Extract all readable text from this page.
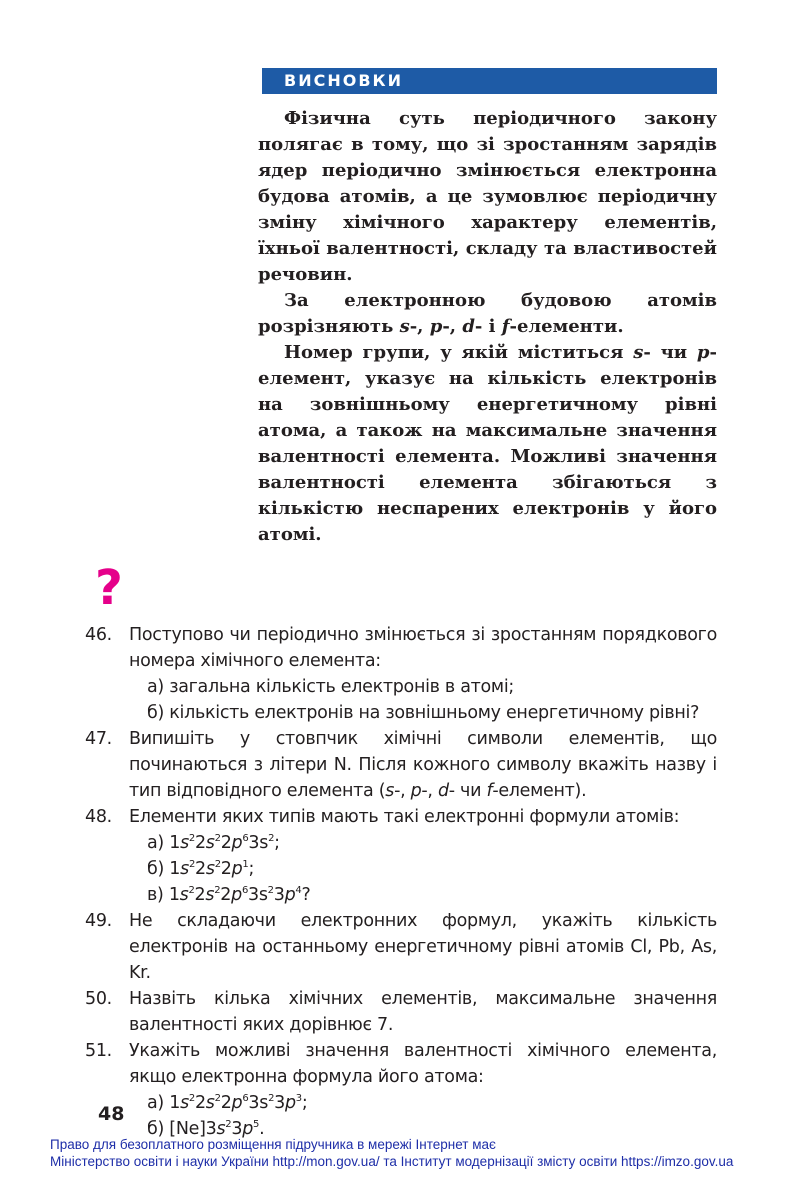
ВИСНОВКИ

Фізична суть періодичного закону полягає в тому, що зі зростанням зарядів ядер періодично змінюється електронна будова атомів, а це зумовлює періодичну зміну хімічного характеру елементів, їхньої валентності, складу та властивостей речовин.

За електронною будовою атомів розрізняють s-, p-, d- і f-елементи.

Номер групи, у якій міститься s- чи p-елемент, указує на кількість електронів на зовнішньому енергетичному рівні атома, а також на максимальне значення валентності елемента. Можливі значення валентності елемента збігаються з кількістю неспарених електронів у його атомі.

?
46. Поступово чи періодично змінюється зі зростанням порядкового номера хімічного елемента:
а) загальна кількість електронів в атомі;
б) кількість електронів на зовнішньому енергетичному рівні?
47. Випишіть у стовпчик хімічні символи елементів, що починаються з літери N. Після кожного символу вкажіть назву і тип відповідного елемента (s-, p-, d- чи f-елемент).
48. Елементи яких типів мають такі електронні формули атомів:
а) $1s^22s^22p^63s^2$;
б) $1s^22s^22p^1$;
в) $1s^22s^22p^63s^23p^4$?
49. Не складаючи електронних формул, укажіть кількість електронів на останньому енергетичному рівні атомів Cl, Pb, As, Kr.
50. Назвіть кілька хімічних елементів, максимальне значення валентності яких дорівнює 7.
51. Укажіть можливі значення валентності хімічного елемента, якщо електронна формула його атома:
а) $1s^22s^22p^63s^23p^3$;
б) $[Ne]3s^23p^5$.
48
Право для безоплатного розміщення підручника в мережі Інтернет має
Міністерство освіти і науки України http://mon.gov.ua/ та Інститут модернізації змісту освіти https://imzo.gov.ua
